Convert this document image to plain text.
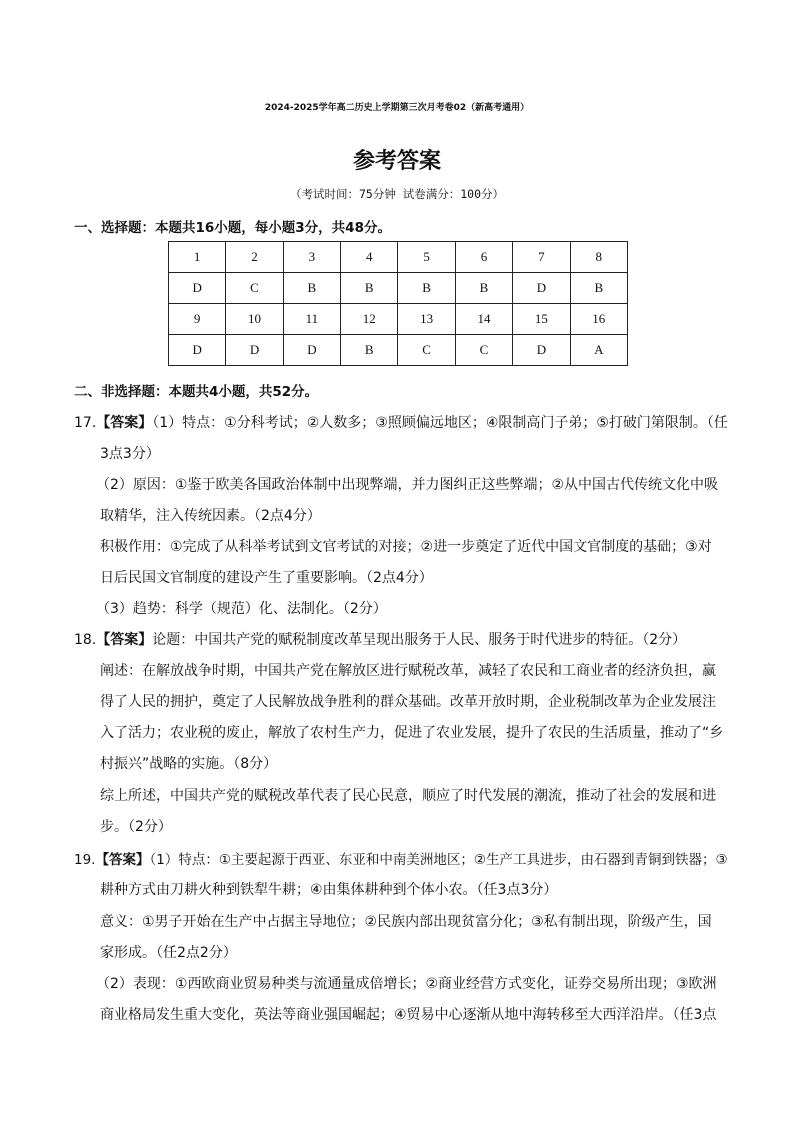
2024-2025学年高二历史上学期第三次月考卷02（新高考通用）
参考答案
（考试时间：75分钟 试卷满分：100分）
一、选择题：本题共16小题，每小题3分，共48分。
1	2	3	4	5	6	7	8
D	C	B	B	B	B	D	B
9	10	11	12	13	14	15	16
D	D	D	B	C	C	D	A
二、非选择题：本题共4小题，共52分。
17.【答案】（1）特点：①分科考试；②人数多；③照顾偏远地区；④限制高门子弟；⑤打破门第限制。（任
3点3分）
（2）原因：①鉴于欧美各国政治体制中出现弊端，并力图纠正这些弊端；②从中国古代传统文化中吸
取精华，注入传统因素。（2点4分）
积极作用：①完成了从科举考试到文官考试的对接；②进一步奠定了近代中国文官制度的基础；③对
日后民国文官制度的建设产生了重要影响。（2点4分）
（3）趋势：科学（规范）化、法制化。（2分）
18.【答案】论题：中国共产党的赋税制度改革呈现出服务于人民、服务于时代进步的特征。（2分）
阐述：在解放战争时期，中国共产党在解放区进行赋税改革，减轻了农民和工商业者的经济负担，赢
得了人民的拥护，奠定了人民解放战争胜利的群众基础。改革开放时期，企业税制改革为企业发展注
入了活力；农业税的废止，解放了农村生产力，促进了农业发展，提升了农民的生活质量，推动了“乡
村振兴”战略的实施。（8分）
综上所述，中国共产党的赋税改革代表了民心民意，顺应了时代发展的潮流，推动了社会的发展和进
步。（2分）
19.【答案】（1）特点：①主要起源于西亚、东亚和中南美洲地区；②生产工具进步，由石器到青铜到铁器；③
耕种方式由刀耕火种到铁犁牛耕；④由集体耕种到个体小农。（任3点3分）
意义：①男子开始在生产中占据主导地位；②民族内部出现贫富分化；③私有制出现，阶级产生，国
家形成。（任2点2分）
（2）表现：①西欧商业贸易种类与流通量成倍增长；②商业经营方式变化，证券交易所出现；③欧洲
商业格局发生重大变化，英法等商业强国崛起；④贸易中心逐渐从地中海转移至大西洋沿岸。（任3点
